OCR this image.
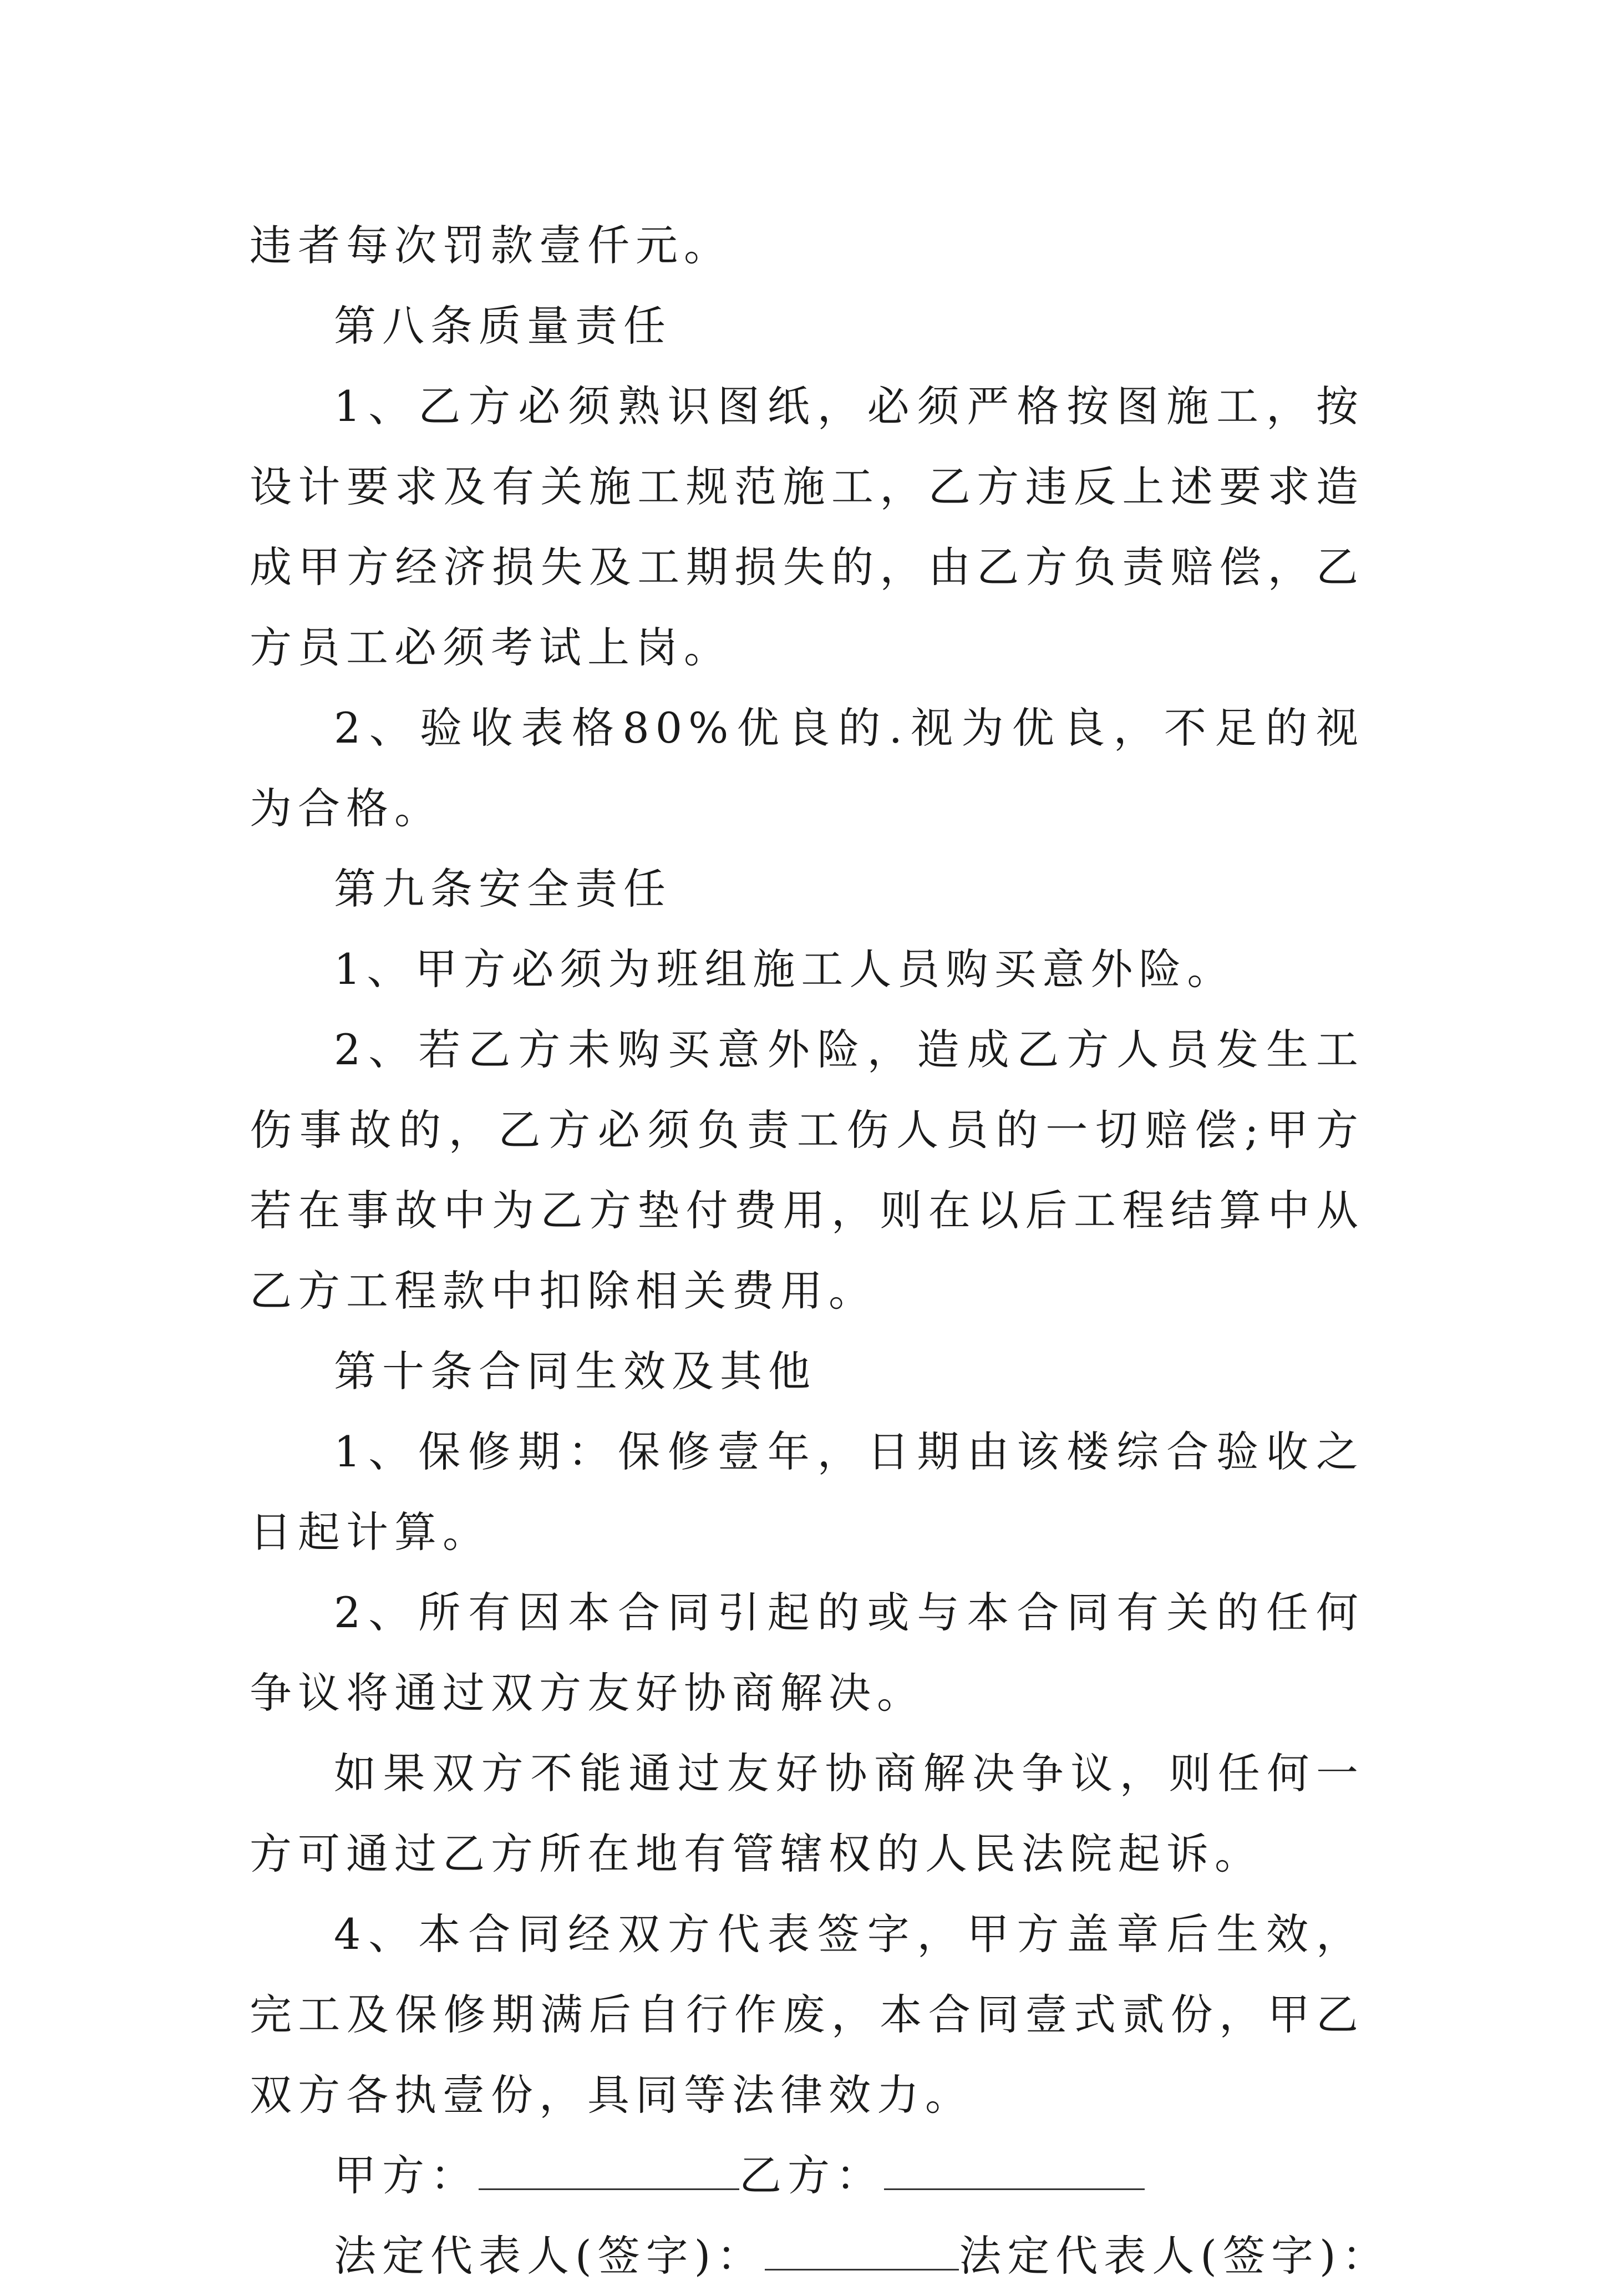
违者每次罚款壹仟元。

第八条质量责任

1、乙方必须熟识图纸，必须严格按图施工，按设计要求及有关施工规范施工，乙方违反上述要求造成甲方经济损失及工期损失的，由乙方负责赔偿，乙方员工必须考试上岗。

2、验收表格80%优良的.视为优良，不足的视为合格。

第九条安全责任

1、甲方必须为班组施工人员购买意外险。

2、若乙方未购买意外险，造成乙方人员发生工伤事故的，乙方必须负责工伤人员的一切赔偿;甲方若在事故中为乙方垫付费用，则在以后工程结算中从乙方工程款中扣除相关费用。

第十条合同生效及其他

1、保修期：保修壹年，日期由该楼综合验收之日起计算。

2、所有因本合同引起的或与本合同有关的任何争议将通过双方友好协商解决。

如果双方不能通过友好协商解决争议，则任何一方可通过乙方所在地有管辖权的人民法院起诉。

4、本合同经双方代表签字，甲方盖章后生效，完工及保修期满后自行作废，本合同壹式贰份，甲乙双方各执壹份，具同等法律效力。

甲方：	乙方：

法定代表人(签字)：	法定代表人(签字)：
